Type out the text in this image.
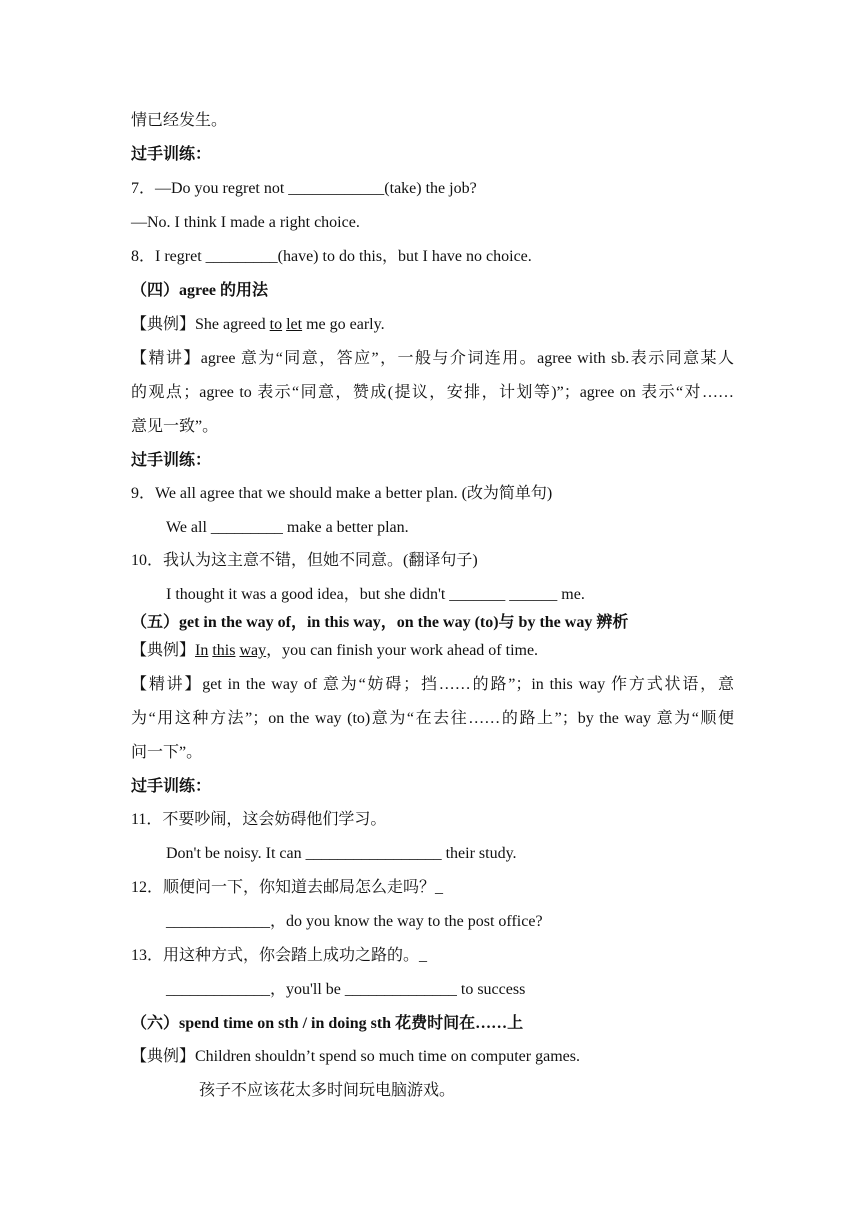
情已经发生。
过手训练：
7．—Do you regret not ____________(take) the job?
—No. I think I made a right choice.
8．I regret _________(have) to do this，but I have no choice.
（四）agree 的用法
【典例】She agreed to let me go early.
【精讲】agree 意为“同意，答应”，一般与介词连用。agree with sb.表示同意某人
的观点；agree to 表示“同意，赞成(提议，安排，计划等)”；agree on 表示“对……
意见一致”。
过手训练：
9．We all agree that we should make a better plan. (改为简单句)
We all _________ make a better plan.
10．我认为这主意不错，但她不同意。(翻译句子)
I thought it was a good idea，but she didn't _______ ______ me.
（五）get in the way of，in this way，on the way (to)与 by the way 辨析
【典例】In this way，you can finish your work ahead of time.
【精讲】get in the way of 意为“妨碍；挡……的路”；in this way 作方式状语，意
为“用这种方法”；on the way (to)意为“在去往……的路上”；by the way 意为“顺便
问一下”。
过手训练：
11．不要吵闹，这会妨碍他们学习。
Don't be noisy. It can _________________ their study.
12．顺便问一下，你知道去邮局怎么走吗？_
_____________，do you know the way to the post office?
13．用这种方式，你会踏上成功之路的。_
_____________，you'll be ______________ to success
（六）spend time on sth / in doing sth 花费时间在……上
【典例】Children shouldn’t spend so much time on computer games.
孩子不应该花太多时间玩电脑游戏。
